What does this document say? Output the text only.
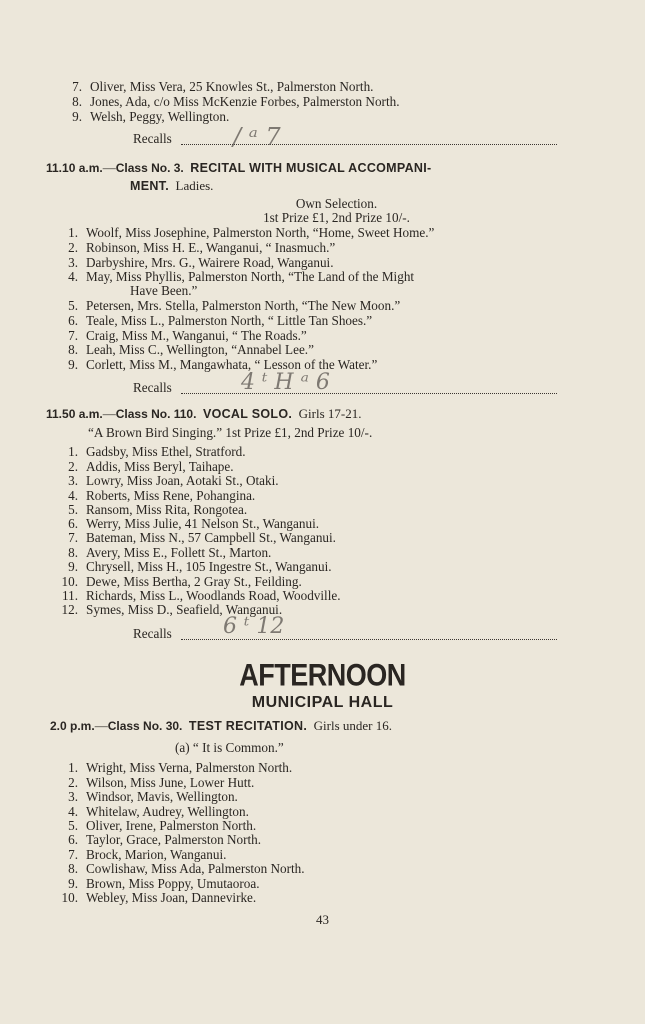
7. Oliver, Miss Vera, 25 Knowles St., Palmerston North.
8. Jones, Ada, c/o Miss McKenzie Forbes, Palmerston North.
9. Welsh, Peggy, Wellington.
Recalls	/ ᵃ 7
11.10 a.m.—Class No. 3. RECITAL WITH MUSICAL ACCOMPANI-
MENT. Ladies.
Own Selection.
1st Prize £1, 2nd Prize 10/-.
1. Woolf, Miss Josephine, Palmerston North, “Home, Sweet Home.”
2. Robinson, Miss H. E., Wanganui, “ Inasmuch.”
3. Darbyshire, Mrs. G., Wairere Road, Wanganui.
4. May, Miss Phyllis, Palmerston North, “The Land of the Might
Have Been.”
5. Petersen, Mrs. Stella, Palmerston North, “The New Moon.”
6. Teale, Miss L., Palmerston North, “ Little Tan Shoes.”
7. Craig, Miss M., Wanganui, “ The Roads.”
8. Leah, Miss C., Wellington, “Annabel Lee.”
9. Corlett, Miss M., Mangawhata, “ Lesson of the Water.”
Recalls	4 ᵗ H ᵃ 6
11.50 a.m.—Class No. 110. VOCAL SOLO. Girls 17-21.
“A Brown Bird Singing.” 1st Prize £1, 2nd Prize 10/-.
1. Gadsby, Miss Ethel, Stratford.
2. Addis, Miss Beryl, Taihape.
3. Lowry, Miss Joan, Aotaki St., Otaki.
4. Roberts, Miss Rene, Pohangina.
5. Ransom, Miss Rita, Rongotea.
6. Werry, Miss Julie, 41 Nelson St., Wanganui.
7. Bateman, Miss N., 57 Campbell St., Wanganui.
8. Avery, Miss E., Follett St., Marton.
9. Chrysell, Miss H., 105 Ingestre St., Wanganui.
10. Dewe, Miss Bertha, 2 Gray St., Feilding.
11. Richards, Miss L., Woodlands Road, Woodville.
12. Symes, Miss D., Seafield, Wanganui.
Recalls 6 ᵗ 12
AFTERNOON
MUNICIPAL HALL
2.0 p.m.—Class No. 30. TEST RECITATION. Girls under 16.
(a) “ It is Common.”
1. Wright, Miss Verna, Palmerston North.
2. Wilson, Miss June, Lower Hutt.
3. Windsor, Mavis, Wellington.
4. Whitelaw, Audrey, Wellington.
5. Oliver, Irene, Palmerston North.
6. Taylor, Grace, Palmerston North.
7. Brock, Marion, Wanganui.
8. Cowlishaw, Miss Ada, Palmerston North.
9. Brown, Miss Poppy, Umutaoroa.
10. Webley, Miss Joan, Dannevirke.
43
